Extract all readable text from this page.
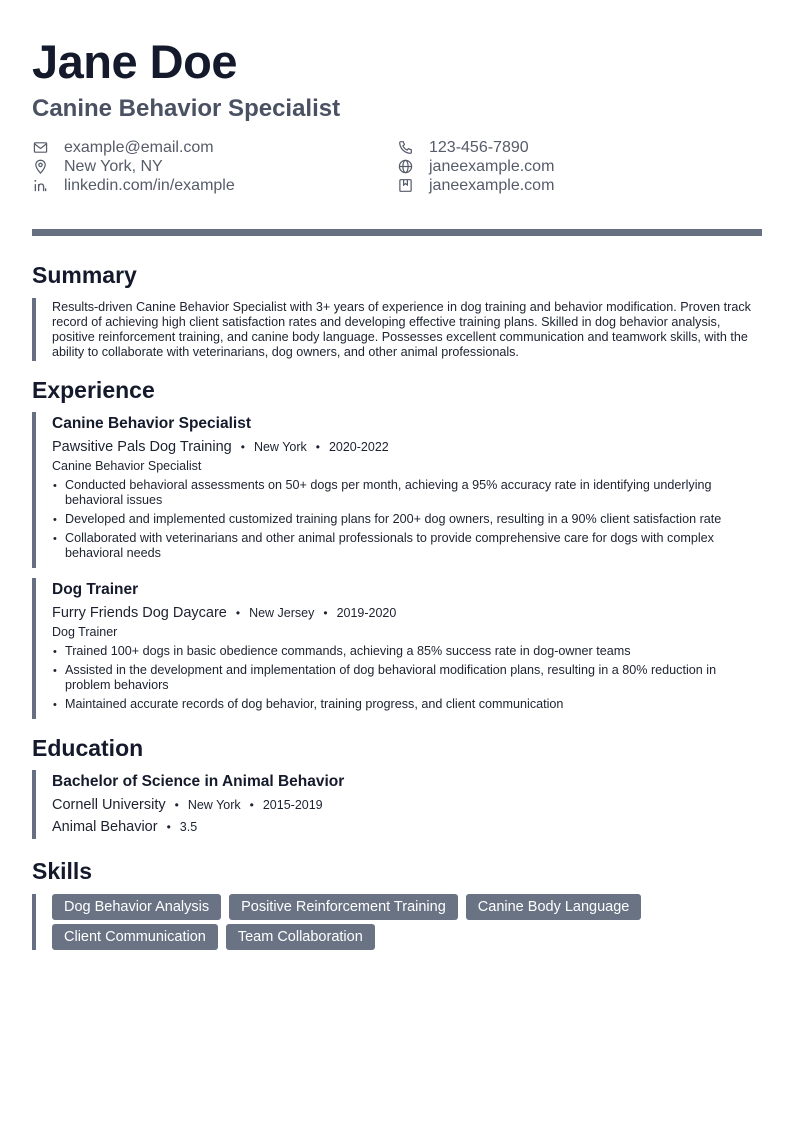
Jane Doe
Canine Behavior Specialist
example@email.com	123-456-7890
New York, NY	janeexample.com
linkedin.com/in/example	janeexample.com
Summary

Results-driven Canine Behavior Specialist with 3+ years of experience in dog training and behavior modification. Proven track record of achieving high client satisfaction rates and developing effective training plans. Skilled in dog behavior analysis, positive reinforcement training, and canine body language. Possesses excellent communication and teamwork skills, with the ability to collaborate with veterinarians, dog owners, and other animal professionals.

Experience
Canine Behavior Specialist
Pawsitive Pals Dog Training • New York • 2020-2022
Canine Behavior Specialist
• Conducted behavioral assessments on 50+ dogs per month, achieving a 95% accuracy rate in identifying underlying behavioral issues
• Developed and implemented customized training plans for 200+ dog owners, resulting in a 90% client satisfaction rate
• Collaborated with veterinarians and other animal professionals to provide comprehensive care for dogs with complex behavioral needs
Dog Trainer
Furry Friends Dog Daycare • New Jersey • 2019-2020
Dog Trainer
• Trained 100+ dogs in basic obedience commands, achieving a 85% success rate in dog-owner teams
• Assisted in the development and implementation of dog behavioral modification plans, resulting in a 80% reduction in problem behaviors
• Maintained accurate records of dog behavior, training progress, and client communication
Education
Bachelor of Science in Animal Behavior
Cornell University • New York • 2015-2019
Animal Behavior • 3.5
Skills
Dog Behavior Analysis	Positive Reinforcement Training	Canine Body Language
Client Communication	Team Collaboration
